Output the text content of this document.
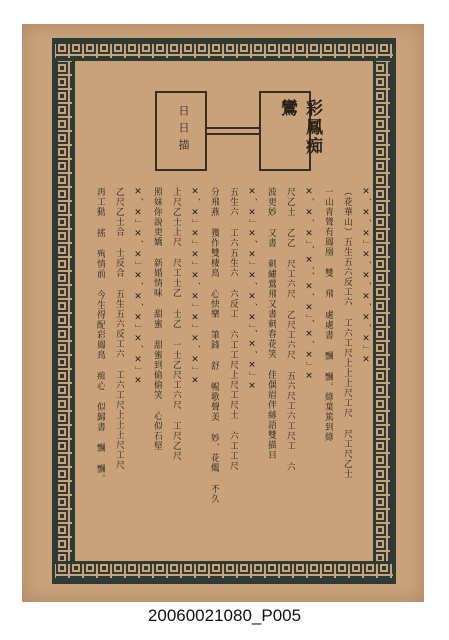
彩鳳痴鸞
日日描
✕、✕、✕」✕、✕、✕、✕、✕」✕
（花華山）五生五六反工六 工六工尺上上上尺工尺 尺工尺乙士
一山青聳有鳳凰 雙 飛 處處書 飄 飄。綠葉篤到綠
✕、✕、✕」、✕、、✕、✕」、✕、✕」✕
尺乙士 乙乙 尺工六尺 乙尺工六尺 五六尺工六工尺工 六
波更妙 又書 刺繡鶯飛又書刺春花笑 佳偶眉伴絲語雙描目
✕、✕」✕、✕」✕、✕、✕」、✕、✕」✕
五生六 工六五生六 六反工 六工工尺上尺工尺士 六工工尺
分飛燕 獲作雙棲鳥 心快樂 筆鋒 舒 暢歌聲美 妙、花燭 不久
✕、✕」✕」✕」✕、✕」✕」✕、✕」✕
上尺乙士上尺 尺工士乙 士乙 一士乙尺工六尺 工尺乙尺
照妹你說更嬌 新婚情味 甜蜜 甜蜜到偷偷笑 心似石堅
✕、✕」✕、✕」✕、✕、✕」✕、✕」✕
乙尺乙士合 士反合 五生五六反工六 工六工尺上上上尺工尺
再工動 搖 殉情前 今生得配彩鳳鳥 痴心 似歸書 飄 飄。
20060021080_P005
